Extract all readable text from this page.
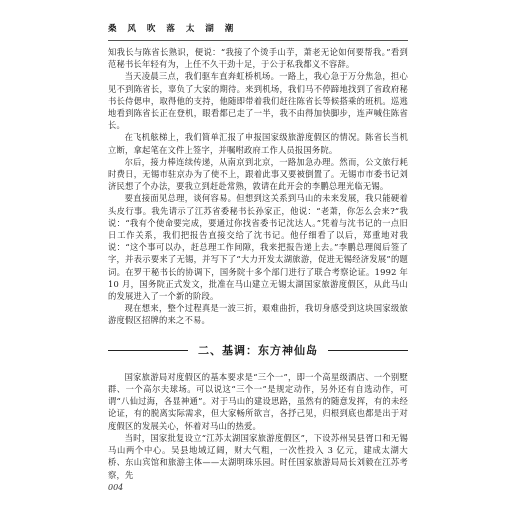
桑 风 吹 落 太 湖 潮

知我长与陈省长熟识，便说：“我接了个烫手山芋，萧老无论如何要帮我。”看到范秘书长年轻有为，上任不久干劲十足，于公于私我都义不容辞。

当天凌晨三点，我们驱车直奔虹桥机场。一路上，我心急于万分焦急，担心见不到陈省长，辜负了大家的期待。来到机场，我们马不停蹄地找到了省政府秘书长侍偲申，取得他的支持，他随即带着我们赶往陈省长等候搭乘的班机。巡逃地看到陈省长正在登机，眼看都已走了一半，我不由得加快脚步，连声喊住陈省长。

在飞机舷梯上，我们简单汇报了申报国家级旅游度假区的情况。陈省长当机立断，拿起笔在文件上签字，并嘱咐政府工作人员报国务院。

尔后，接力棒连续传递，从南京到北京，一路加急办理。然而，公文旅行耗时费日，无锡市驻京办为了使不上，跟着此事又要被倒置了。无锡市市委书记刘济民想了个办法，要我立到赶赴常熟，敦请在此开会的李鹏总理光临无锡。

要直接面见总理，谈何容易。但想到这关系到马山的未来发展，我只能硬着头皮行事。我先请示了江苏省委秘书长孙家正，他说：“老萧，你怎么会来?”我说：“我有个使命要完成，要通过你找省委书记沈达人。”凭着与沈书记的一点旧日工作关系，我们把报告直接交给了沈书记。他仔细看了以后，郑重地对我说：“这个事可以办，赶总理工作间隙，我来把报告递上去。”李鹏总理阅后签了字，并表示要来了无锡，并写下了“大力开发太湖旅游，促进无锡经济发展”的题词。在罗干秘书长的协调下，国务院十多个部门进行了联合考察论证。1992 年 10 月，国务院正式发文，批准在马山建立无锡太湖国家旅游度假区，从此马山的发展进入了一个新的阶段。

现在想来，整个过程真是一波三折，艰难曲折，我切身感受到这块国家级旅游度假区招牌的来之不易。

二、基调：东方神仙岛

国家旅游局对度假区的基本要求是“三个一”，即一个高星级酒店、一个别墅群、一个高尔夫球场。可以说这“三个一”是规定动作，另外还有自选动作，可谓“八仙过海，各显神通”。对于马山的建设思路，虽然有的随意发挥，有的未经论证，有的脱离实际需求，但大家畅所欲言，各抒己见，归根到底也都是出于对度假区的发展关心，怀着对马山的热爱。

当时，国家批复设立“江苏太湖国家旅游度假区”，下设苏州吴县胥口和无锡马山两个中心。吴县地域辽阔，财大气粗，一次性投入 3 亿元，建成太湖大桥、东山宾馆和旅游主体——太湖明珠乐园。时任国家旅游局局长刘毅在江苏考察，先

004
